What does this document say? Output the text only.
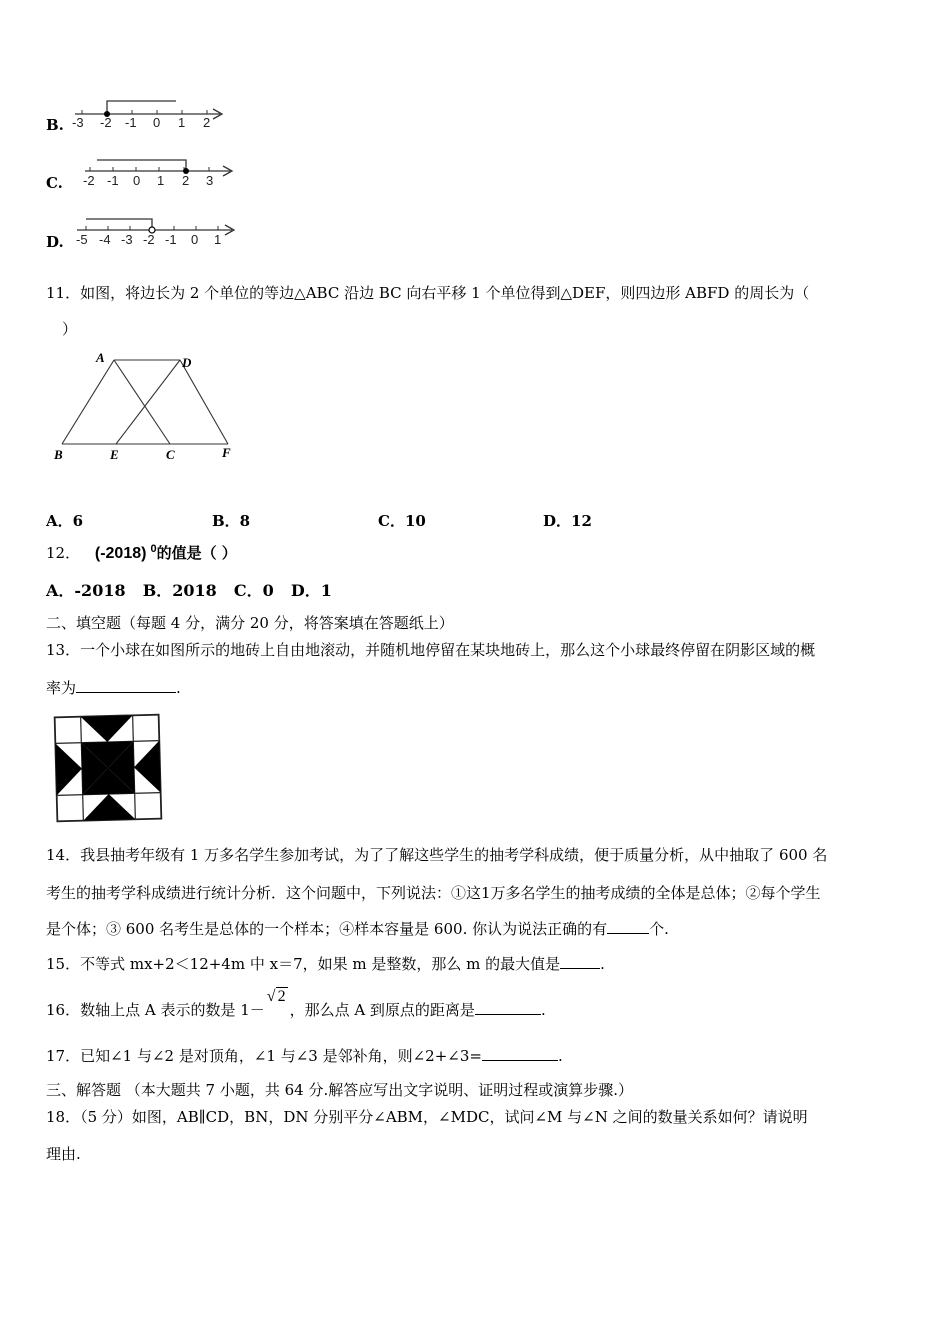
B. -3 -2 -1 0 1 2
C. -2 -1 0 1 2 3
D. -5 -4 -3 -2 -1 0 1
11．如图，将边长为 2 个单位的等边△ABC 沿边 BC 向右平移 1 个单位得到△DEF，则四边形 ABFD 的周长为（
）
A	D
B	E	C	F
A．6	B．8	C．10	D．12
12． (-2018) $^0$的值是（ ）
A．-2018 B．2018 C．0 D．1
二、填空题（每题 4 分，满分 20 分，将答案填在答题纸上）
13．一个小球在如图所示的地砖上自由地滚动，并随机地停留在某块地砖上，那么这个小球最终停留在阴影区域的概
率为	.
14．我县抽考年级有 1 万多名学生参加考试，为了了解这些学生的抽考学科成绩，便于质量分析，从中抽取了 600 名
考生的抽考学科成绩进行统计分析．这个问题中，下列说法：①这1万多名学生的抽考成绩的全体是总体；②每个学生
是个体；③ 600 名考生是总体的一个样本；④样本容量是 600. 你认为说法正确的有	个.
15．不等式 mx+2＜12+4m 中 x＝7，如果 m 是整数，那么 m 的最大值是	.
16．数轴上点 A 表示的数是 1－√ 2，那么点 A 到原点的距离是	.
17．已知∠1 与∠2 是对顶角，∠1 与∠3 是邻补角，则∠2+∠3=	.
三、解答题 （本大题共 7 小题，共 64 分.解答应写出文字说明、证明过程或演算步骤.）
18．（5 分）如图，AB∥CD，BN，DN 分别平分∠ABM，∠MDC，试问∠M 与∠N 之间的数量关系如何？请说明
理由.
